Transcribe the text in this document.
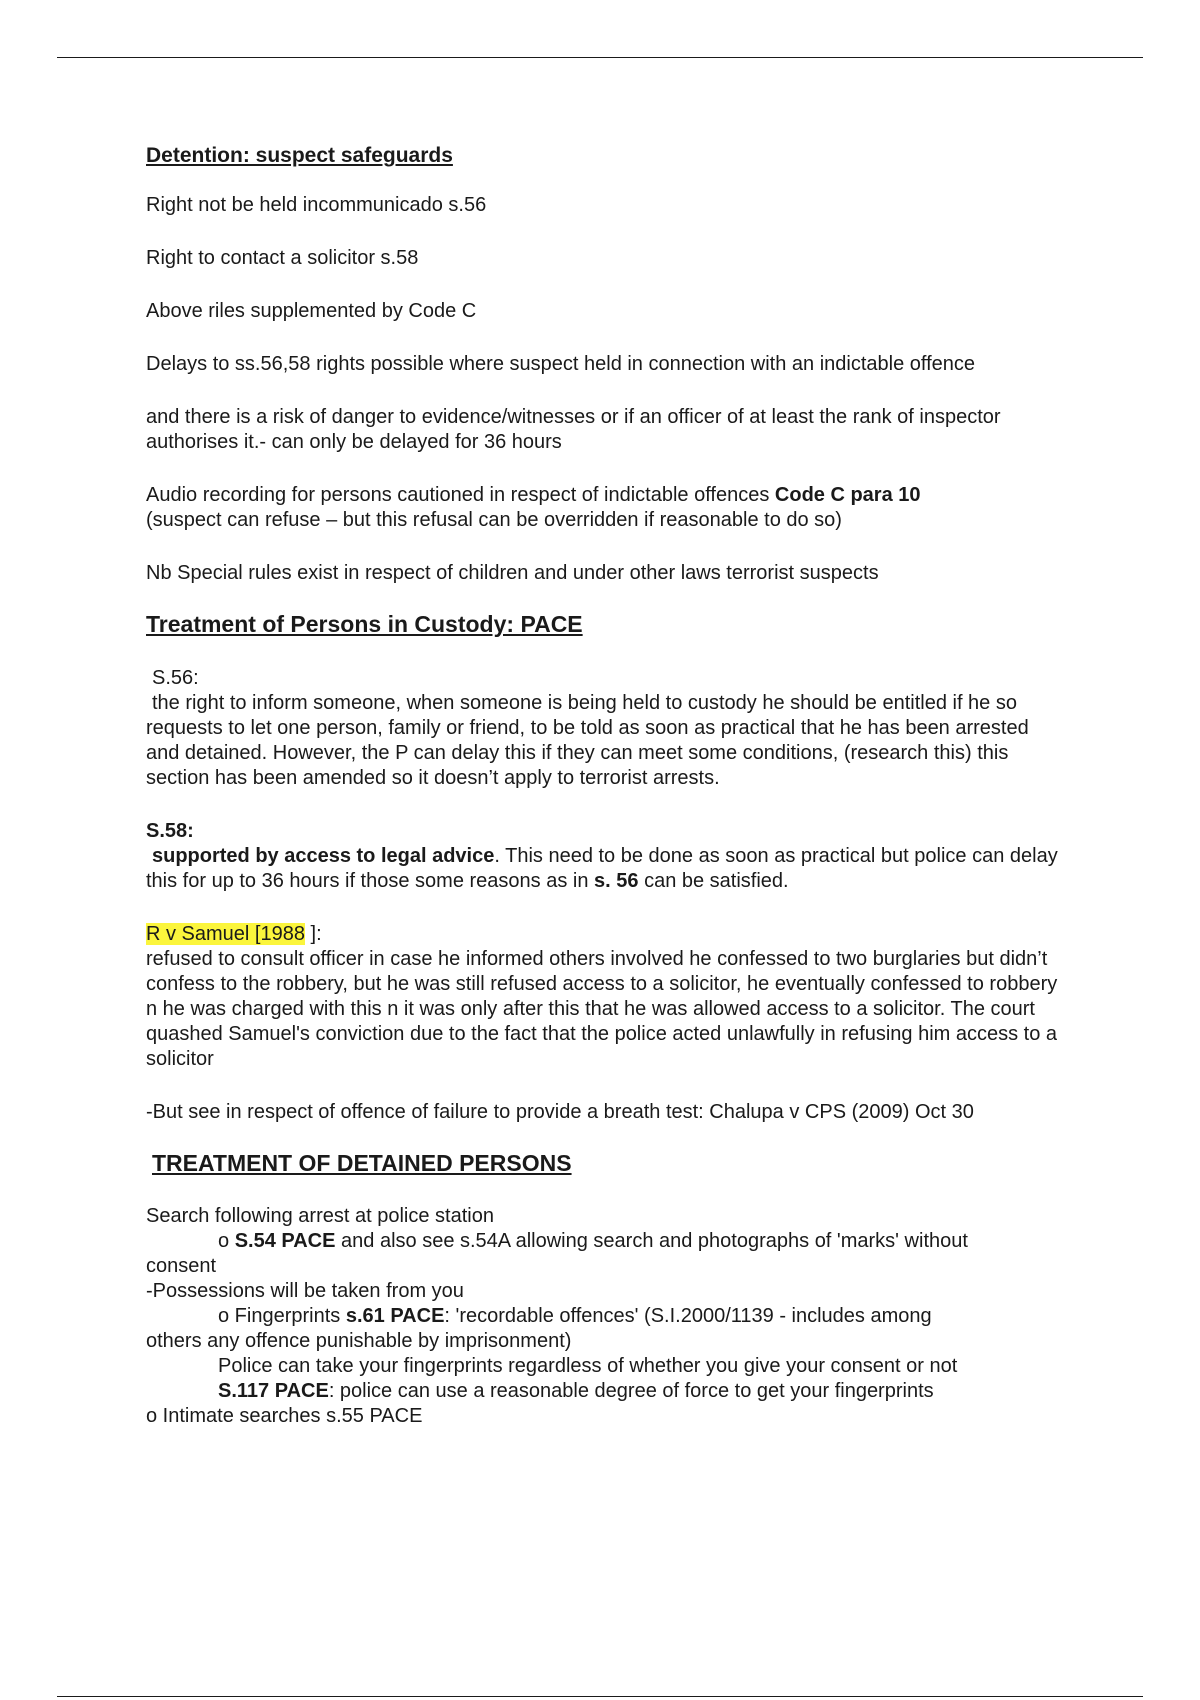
Detention: suspect safeguards

Right not be held incommunicado s.56

Right to contact a solicitor s.58

Above riles supplemented by Code C

Delays to ss.56,58 rights possible where suspect held in connection with an indictable offence

and there is a risk of danger to evidence/witnesses or if an officer of at least the rank of inspector authorises it.- can only be delayed for 36 hours

Audio recording for persons cautioned in respect of indictable offences Code C para 10
(suspect can refuse – but this refusal can be overridden if reasonable to do so)

Nb Special rules exist in respect of children and under other laws terrorist suspects

Treatment of Persons in Custody: PACE

S.56:

the right to inform someone, when someone is being held to custody he should be entitled if he so requests to let one person, family or friend, to be told as soon as practical that he has been arrested and detained. However, the P can delay this if they can meet some conditions, (research this) this section has been amended so it doesn’t apply to terrorist arrests.

S.58:

supported by access to legal advice. This need to be done as soon as practical but police can delay this for up to 36 hours if those some reasons as in s. 56 can be satisfied.

R v Samuel [1988 ]:

refused to consult officer in case he informed others involved he confessed to two burglaries but didn’t confess to the robbery, but he was still refused access to a solicitor, he eventually confessed to robbery n he was charged with this n it was only after this that he was allowed access to a solicitor. The court quashed Samuel's conviction due to the fact that the police acted unlawfully in refusing him access to a solicitor

-But see in respect of offence of failure to provide a breath test: Chalupa v CPS (2009) Oct 30

TREATMENT OF DETAINED PERSONS

Search following arrest at police station

o S.54 PACE and also see s.54A allowing search and photographs of 'marks' without

consent

-Possessions will be taken from you

o Fingerprints s.61 PACE: 'recordable offences' (S.I.2000/1139 - includes among

others any offence punishable by imprisonment)

Police can take your fingerprints regardless of whether you give your consent or not

S.117 PACE: police can use a reasonable degree of force to get your fingerprints

o Intimate searches s.55 PACE
